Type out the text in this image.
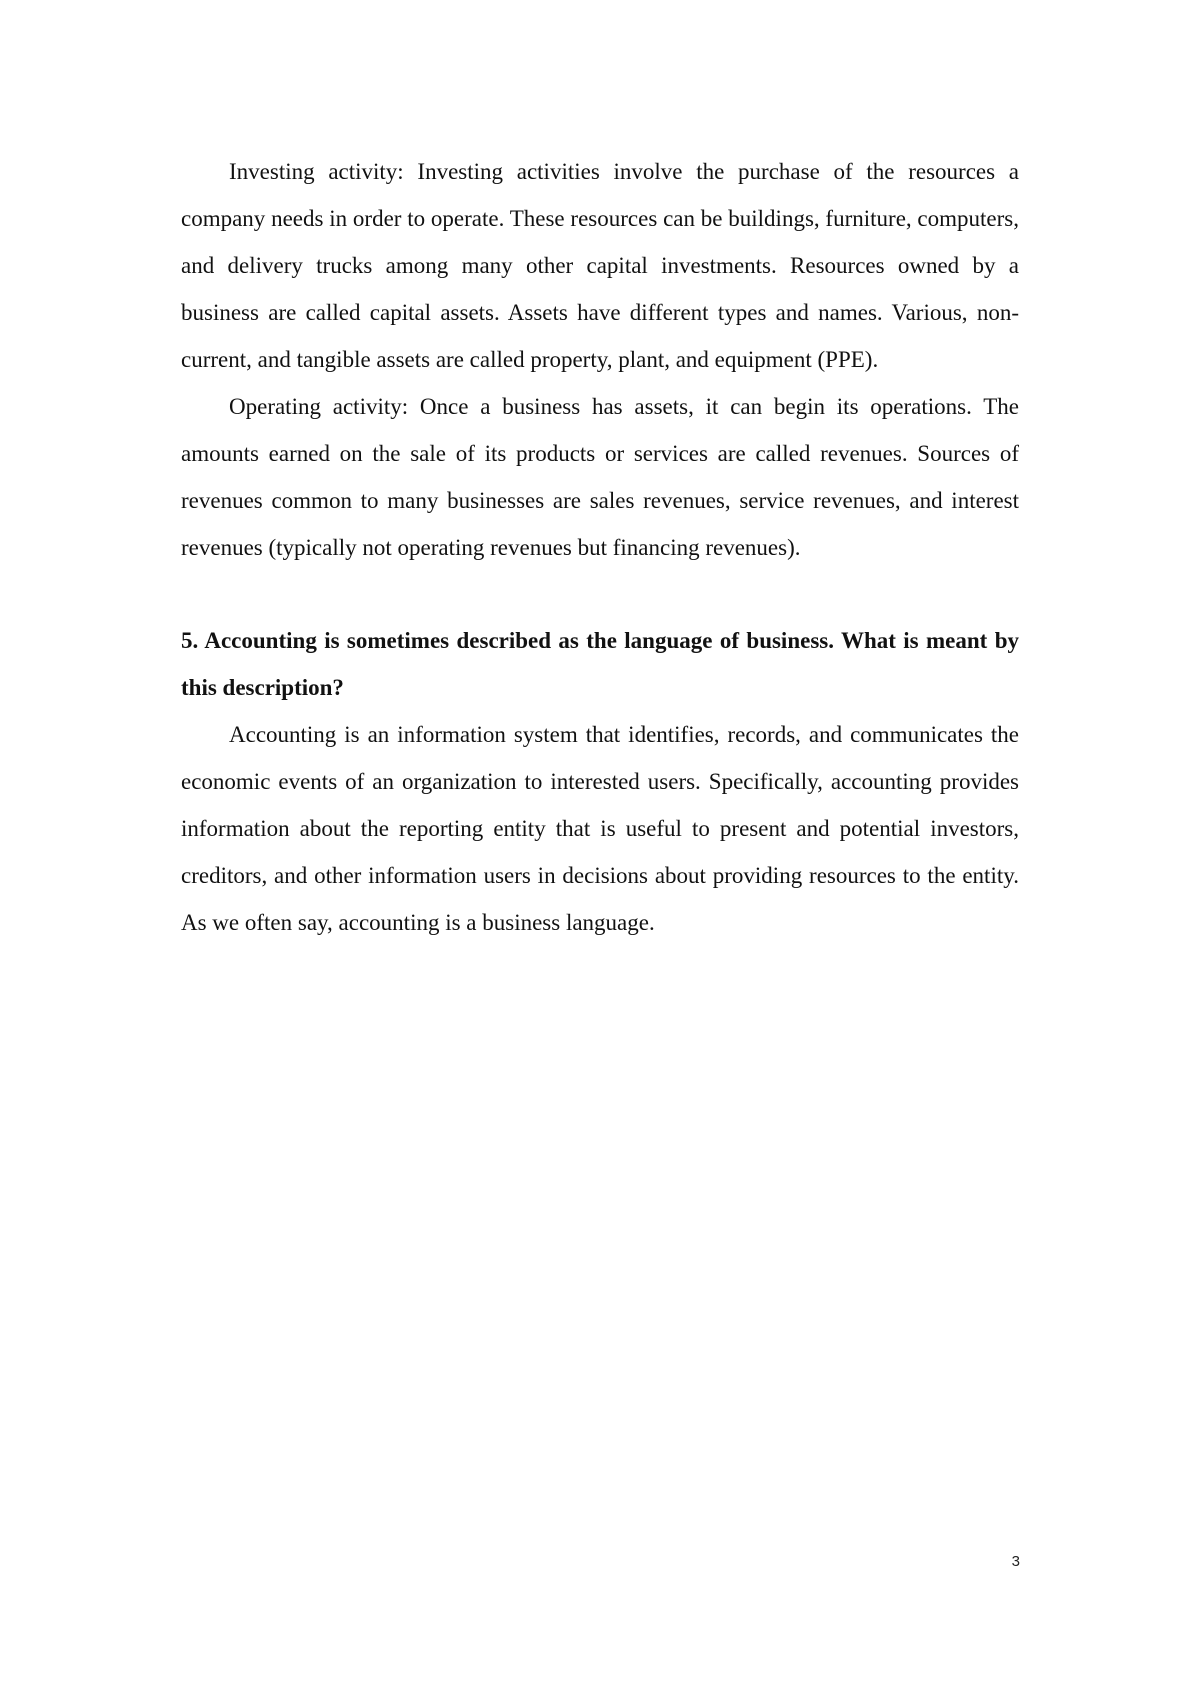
Investing activity: Investing activities involve the purchase of the resources a company needs in order to operate. These resources can be buildings, furniture, computers, and delivery trucks among many other capital investments. Resources owned by a business are called capital assets. Assets have different types and names. Various, non-current, and tangible assets are called property, plant, and equipment (PPE).

Operating activity: Once a business has assets, it can begin its operations. The amounts earned on the sale of its products or services are called revenues. Sources of revenues common to many businesses are sales revenues, service revenues, and interest revenues (typically not operating revenues but financing revenues).

5. Accounting is sometimes described as the language of business. What is meant by this description?

Accounting is an information system that identifies, records, and communicates the economic events of an organization to interested users. Specifically, accounting provides information about the reporting entity that is useful to present and potential investors, creditors, and other information users in decisions about providing resources to the entity. As we often say, accounting is a business language.

3
